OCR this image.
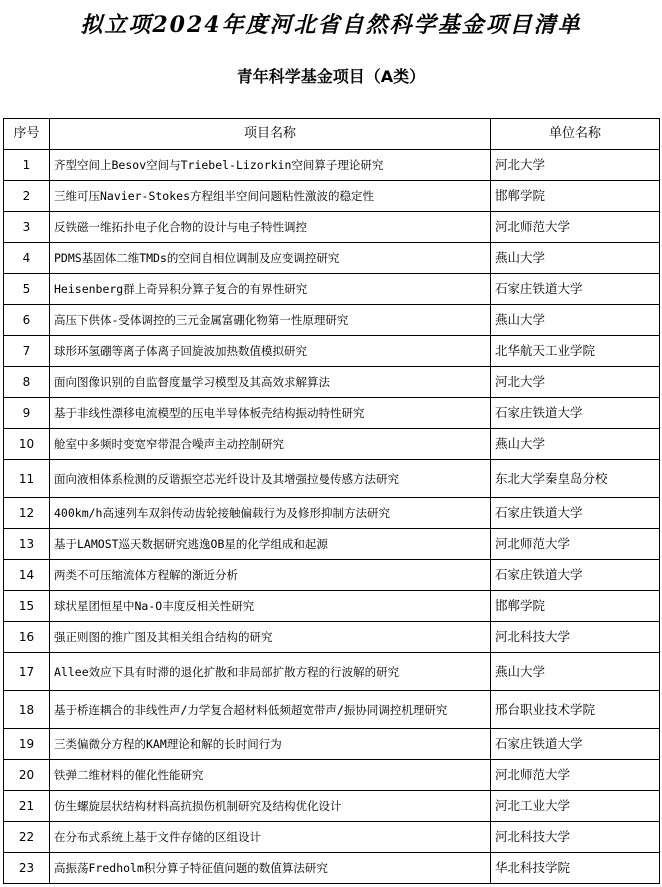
拟立项2024年度河北省自然科学基金项目清单
青年科学基金项目（A类）
序号	项目名称	单位名称
1	齐型空间上Besov空间与Triebel-Lizorkin空间算子理论研究	河北大学
2	三维可压Navier-Stokes方程组半空间问题粘性激波的稳定性	邯郸学院
3	反铁磁一维拓扑电子化合物的设计与电子特性调控	河北师范大学
4	PDMS基固体二维TMDs的空间自相位调制及应变调控研究	燕山大学
5	Heisenberg群上奇异积分算子复合的有界性研究	石家庄铁道大学
6	高压下供体-受体调控的三元金属富硼化物第一性原理研究	燕山大学
7	球形环氢硼等离子体离子回旋波加热数值模拟研究	北华航天工业学院
8	面向图像识别的自监督度量学习模型及其高效求解算法	河北大学
9	基于非线性漂移电流模型的压电半导体板壳结构振动特性研究	石家庄铁道大学
10	舱室中多频时变宽窄带混合噪声主动控制研究	燕山大学
11	面向液相体系检测的反谐振空芯光纤设计及其增强拉曼传感方法研究	东北大学秦皇岛分校
12	400km/h高速列车双斜传动齿轮接触偏载行为及修形抑制方法研究	石家庄铁道大学
13	基于LAMOST巡天数据研究逃逸OB星的化学组成和起源	河北师范大学
14	两类不可压缩流体方程解的渐近分析	石家庄铁道大学
15	球状星团恒星中Na-O丰度反相关性研究	邯郸学院
16	强正则图的推广图及其相关组合结构的研究	河北科技大学
17	Allee效应下具有时滞的退化扩散和非局部扩散方程的行波解的研究	燕山大学
18	基于桥连耦合的非线性声/力学复合超材料低频超宽带声/振协同调控机理研究	邢台职业技术学院
19	三类偏微分方程的KAM理论和解的长时间行为	石家庄铁道大学
20	铁弹二维材料的催化性能研究	河北师范大学
21	仿生螺旋层状结构材料高抗损伤机制研究及结构优化设计	河北工业大学
22	在分布式系统上基于文件存储的区组设计	河北科技大学
23	高振荡Fredholm积分算子特征值问题的数值算法研究	华北科技学院
